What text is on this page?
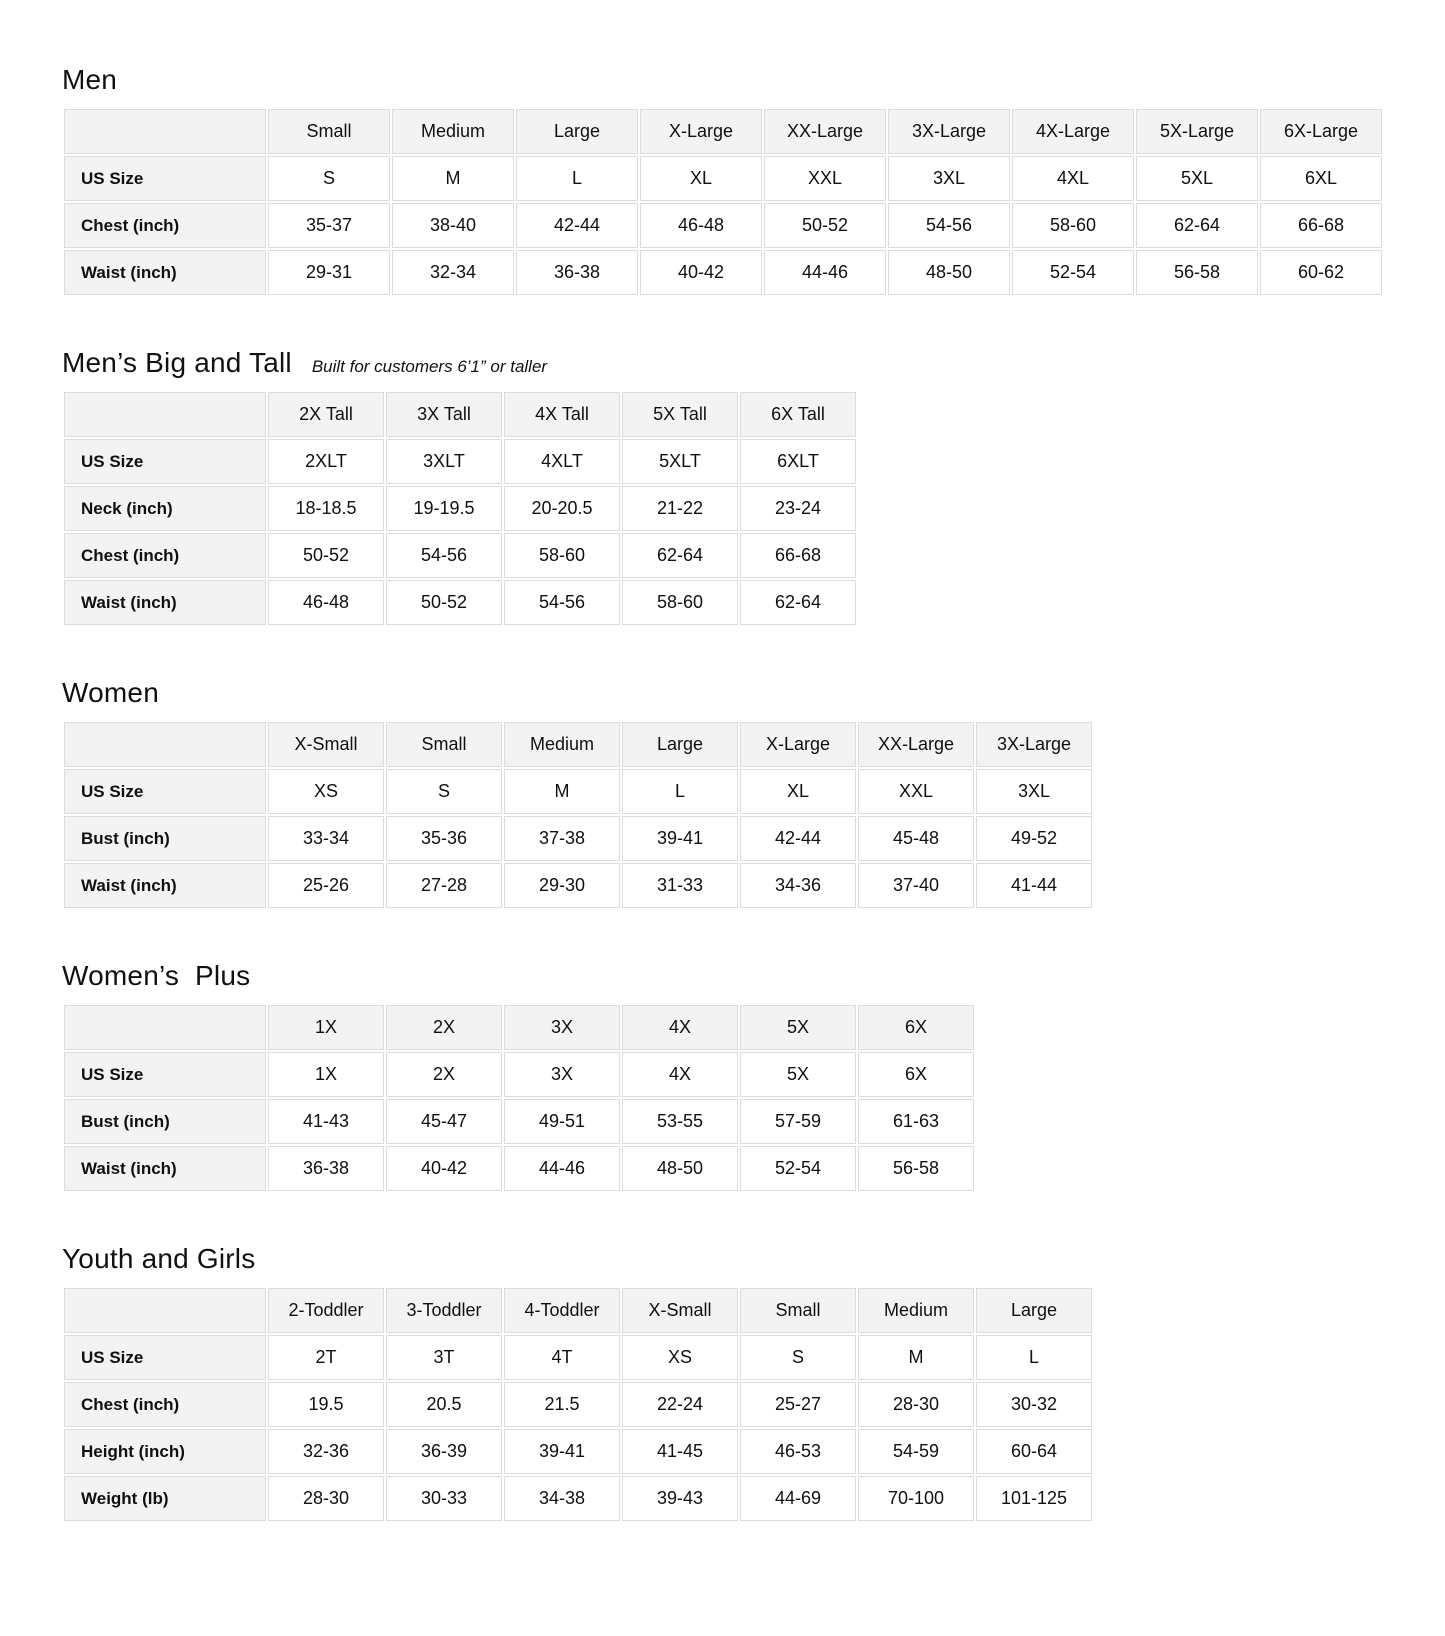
Men
	Small	Medium	Large	X-Large	XX-Large	3X-Large	4X-Large	5X-Large	6X-Large
US Size	S	M	L	XL	XXL	3XL	4XL	5XL	6XL
Chest (inch)	35-37	38-40	42-44	46-48	50-52	54-56	58-60	62-64	66-68
Waist (inch)	29-31	32-34	36-38	40-42	44-46	48-50	52-54	56-58	60-62
Men’s Big and Tall Built for customers 6’1” or taller
	2X Tall	3X Tall	4X Tall	5X Tall	6X Tall
US Size	2XLT	3XLT	4XLT	5XLT	6XLT
Neck (inch)	18-18.5	19-19.5	20-20.5	21-22	23-24
Chest (inch)	50-52	54-56	58-60	62-64	66-68
Waist (inch)	46-48	50-52	54-56	58-60	62-64
Women
	X-Small	Small	Medium	Large	X-Large	XX-Large	3X-Large
US Size	XS	S	M	L	XL	XXL	3XL
Bust (inch)	33-34	35-36	37-38	39-41	42-44	45-48	49-52
Waist (inch)	25-26	27-28	29-30	31-33	34-36	37-40	41-44
Women’s  Plus
	1X	2X	3X	4X	5X	6X
US Size	1X	2X	3X	4X	5X	6X
Bust (inch)	41-43	45-47	49-51	53-55	57-59	61-63
Waist (inch)	36-38	40-42	44-46	48-50	52-54	56-58
Youth and Girls
	2-Toddler	3-Toddler	4-Toddler	X-Small	Small	Medium	Large
US Size	2T	3T	4T	XS	S	M	L
Chest (inch)	19.5	20.5	21.5	22-24	25-27	28-30	30-32
Height (inch)	32-36	36-39	39-41	41-45	46-53	54-59	60-64
Weight (lb)	28-30	30-33	34-38	39-43	44-69	70-100	101-125
